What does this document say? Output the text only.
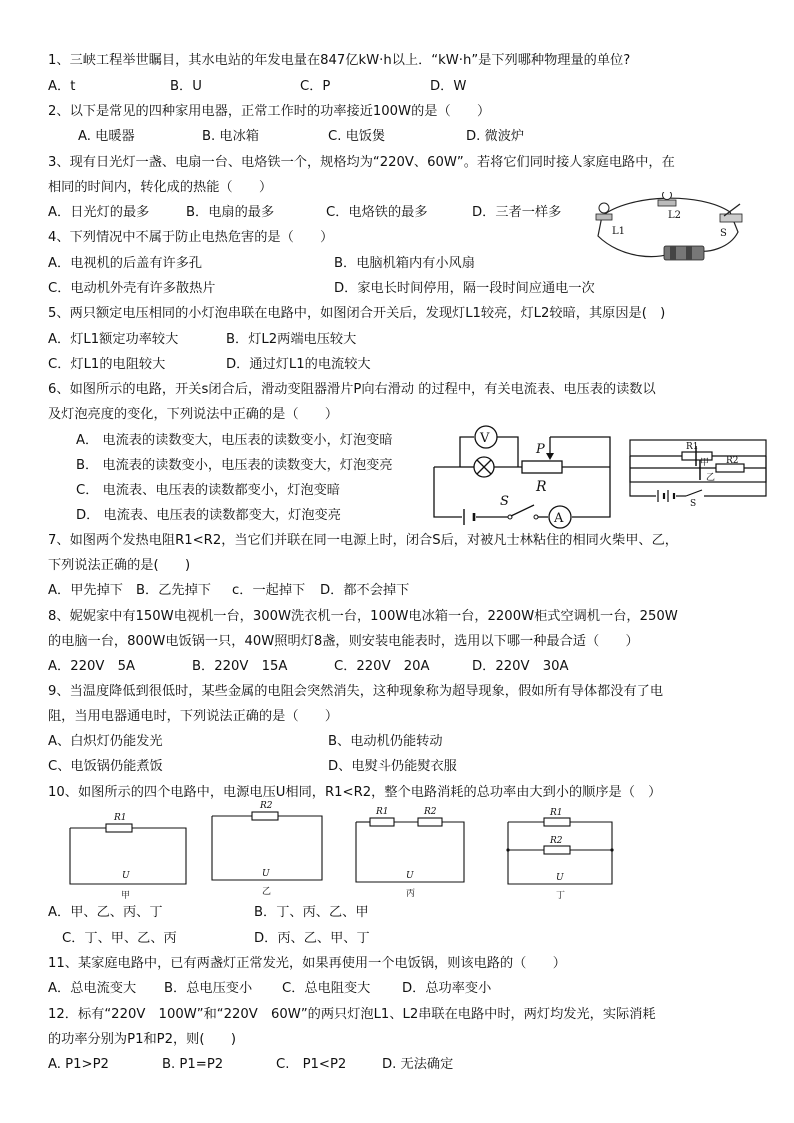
1、三峡工程举世瞩目，其水电站的年发电量在847亿kW·h以上．“kW·h”是下列哪种物理量的单位?
A．t	B．U	C．P	D．W
2、以下是常见的四种家用电器，正常工作时的功率接近100W的是（　　）
A. 电暖器	B. 电冰箱	C. 电饭煲	D. 微波炉
3、现有日光灯一盏、电扇一台、电烙铁一个，规格均为“220V、60W”。若将它们同时接人家庭电路中，在
相同的时间内，转化成的热能（　　）
A．日光灯的最多	B．电扇的最多	C．电烙铁的最多	D．三者一样多
4、下列情况中不属于防止电热危害的是（　　）
A．电视机的后盖有许多孔	B．电脑机箱内有小风扇
C．电动机外壳有许多散热片	D．家电长时间停用，隔一段时间应通电一次
L1
L2
S
5、两只额定电压相同的小灯泡串联在电路中，如图闭合开关后，发现灯L1较亮，灯L2较暗，其原因是(　)
A．灯L1额定功率较大	B．灯L2两端电压较大
C．灯L1的电阻较大	D．通过灯L1的电流较大
6、如图所示的电路，开关s闭合后，滑动变阻器滑片P向右滑动 的过程中，有关电流表、电压表的读数以
及灯泡亮度的变化，下列说法中正确的是（　　）
A． 电流表的读数变大，电压表的读数变小，灯泡变暗
B． 电流表的读数变小，电压表的读数变大，灯泡变亮
C． 电流表、电压表的读数都变小，灯泡变暗
D． 电流表、电压表的读数都变大，灯泡变亮	A
V
P
R
S
R1
R2
甲
乙
S
7、如图两个发热电阻R1<R2，当它们并联在同一电源上时，闭合S后，对被凡士林粘住的相同火柴甲、乙，
下列说法正确的是(　　)
A．甲先掉下 B．乙先掉下 c．一起掉下 D．都不会掉下
8、妮妮家中有150W电视机一台，300W洗衣机一台，100W电冰箱一台，2200W柜式空调机一台，250W
的电脑一台，800W电饭锅一只，40W照明灯8盏，则安装电能表时，选用以下哪一种最合适（　　）
A．220V　5A	B．220V　15A	C．220V　20A	D．220V　30A
9、当温度降低到很低时，某些金属的电阻会突然消失，这种现象称为超导现象，假如所有导体都没有了电
阻，当用电器通电时，下列说法正确的是（　　）
A、白炽灯仍能发光	B、电动机仍能转动
C、电饭锅仍能煮饭	D、电熨斗仍能熨衣服
10、如图所示的四个电路中，电源电压U相同，R1<R2，整个电路消耗的总功率由大到小的顺序是（　）
R1
U
甲
R2
U
乙
R1	R2
U
丙
R1
R2
U
丁
A．甲、乙、丙、丁	B．丁、丙、乙、甲
C．丁、甲、乙、丙	D．丙、乙、甲、丁
11、某家庭电路中，已有两盏灯正常发光，如果再使用一个电饭锅，则该电路的（　　）
A．总电流变大 B．总电压变小 C．总电阻变大 D．总功率变小
12．标有“220V　100W”和“220V　60W”的两只灯泡L1、L2串联在电路中时，两灯均发光，实际消耗
的功率分别为P1和P2，则(　　)
A. P1>P2	B. P1=P2	C.　P1<P2	D. 无法确定
